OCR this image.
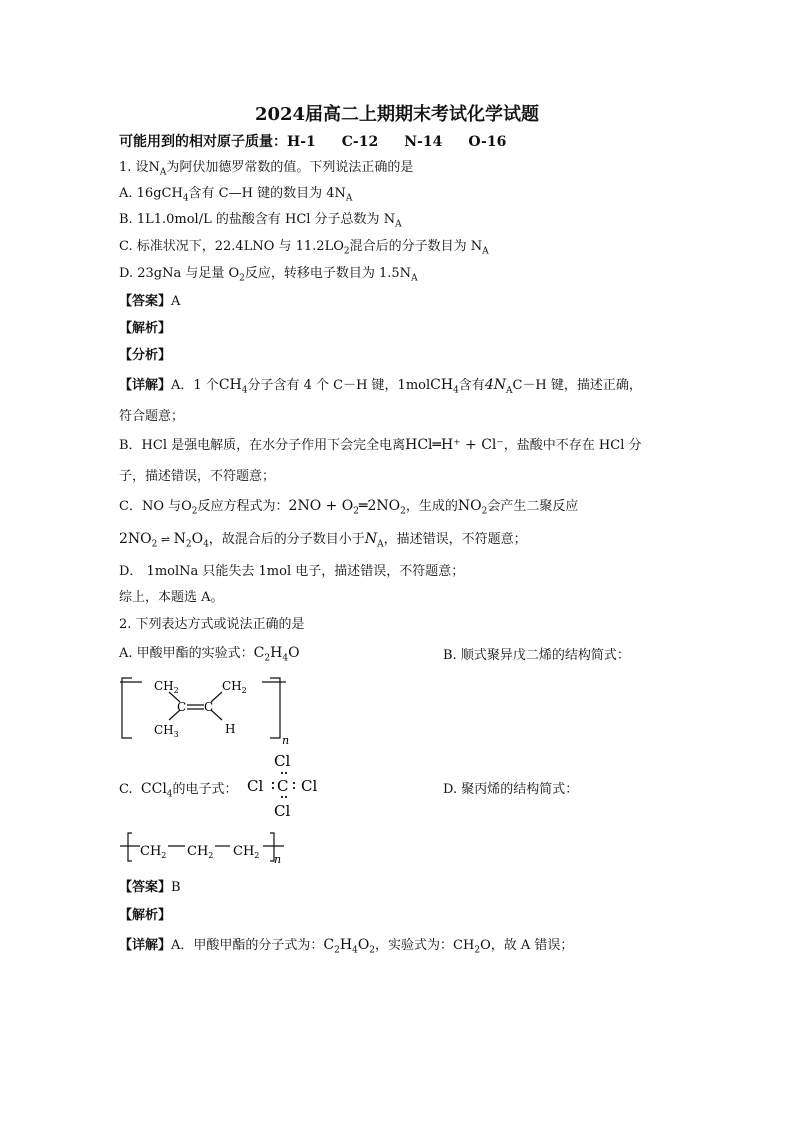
2024届高二上期期末考试化学试题
可能用到的相对原子质量：H-1 C-12 N-14 O-16
1. 设$N_A$为阿伏加德罗常数的值。下列说法正确的是
A. 16gCH$_4$含有 C—H 键的数目为 $4N_A$
B. 1L1.0mol/L 的盐酸含有 HCl 分子总数为 $N_A$
C. 标准状况下，22.4LNO 与 $11.2LO_2$混合后的分子数目为 $N_A$
D. 23gNa 与足量 $O_2$反应，转移电子数目为 $1.5N_A$
【答案】A
【解析】
【分析】
【详解】A．1 个$CH_4$分子含有 4 个 C－H 键，1molCH$_4$含有$4N_AC-H$ 键，描述正确，
符合题意；
B．HCl 是强电解质，在水分子作用下会完全电离HCl═H⁺ + Cl⁻，盐酸中不存在 HCl 分
子，描述错误，不符题意；
C．NO 与$O_2$反应方程式为：$2NO + O_2═2NO_2$，生成的$NO_2$会产生二聚反应
$2NO_2$ ⇌ $N_2O_4$，故混合后的分子数目小于$N_A$，描述错误，不符题意；
D． 1molNa 只能失去 1mol 电子，描述错误，不符题意；
综上，本题选 A。
2. 下列表达方式或说法正确的是
A. 甲酸甲酯的实验式：$C_2H_4O$	B. 顺式聚异戊二烯的结构简式：
$CH_2$
C C
$CH_2$
$CH_3$	H
n
C. CCl$_4$的电子式：
Cl
Cl C Cl
Cl
D. 聚丙烯的结构简式：
$CH_2$ $CH_2$ $CH_2$ n
【答案】B
【解析】
【详解】A．甲酸甲酯的分子式为：$C_2H_4O_2$，实验式为：$CH_2O$，故 A 错误；
